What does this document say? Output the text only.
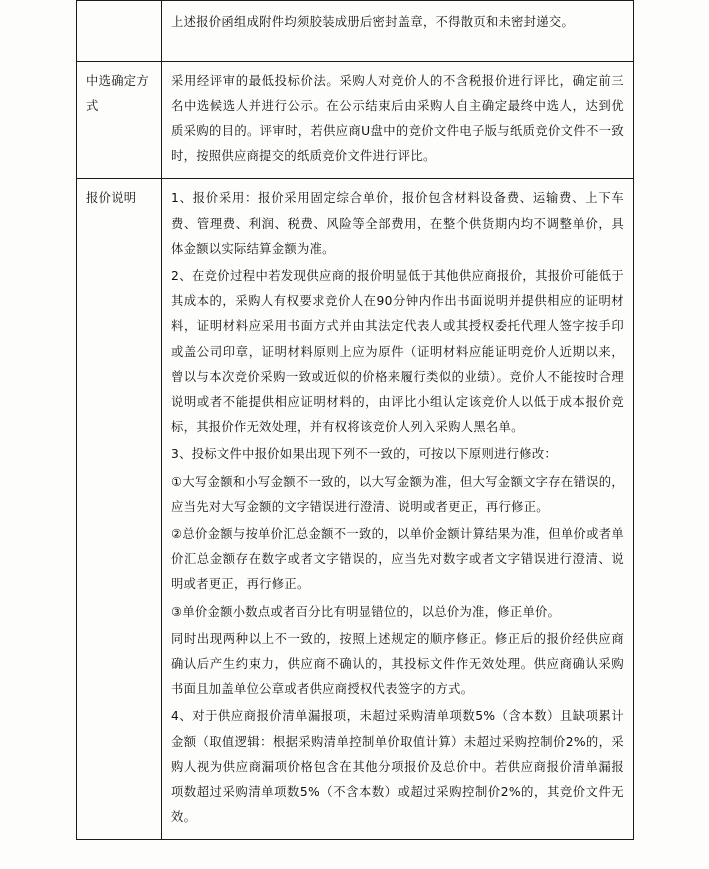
	上述报价函组成附件均须胶装成册后密封盖章，不得散页和未密封递交。

中选确定方式	采用经评审的最低投标价法。采购人对竞价人的不含税报价进行评比，确定前三名中选候选人并进行公示。在公示结束后由采购人自主确定最终中选人，达到优质采购的目的。评审时，若供应商U盘中的竞价文件电子版与纸质竞价文件不一致时，按照供应商提交的纸质竞价文件进行评比。

报价说明	1、报价采用：报价采用固定综合单价，报价包含材料设备费、运输费、上下车费、管理费、利润、税费、风险等全部费用，在整个供货期内均不调整单价，具体金额以实际结算金额为准。

2、在竞价过程中若发现供应商的报价明显低于其他供应商报价，其报价可能低于其成本的，采购人有权要求竞价人在90分钟内作出书面说明并提供相应的证明材料，证明材料应采用书面方式并由其法定代表人或其授权委托代理人签字按手印或盖公司印章，证明材料原则上应为原件（证明材料应能证明竞价人近期以来，曾以与本次竞价采购一致或近似的价格来履行类似的业绩）。竞价人不能按时合理说明或者不能提供相应证明材料的，由评比小组认定该竞价人以低于成本报价竞标，其报价作无效处理，并有权将该竞价人列入采购人黑名单。

3、投标文件中报价如果出现下列不一致的，可按以下原则进行修改：

①大写金额和小写金额不一致的，以大写金额为准，但大写金额文字存在错误的，应当先对大写金额的文字错误进行澄清、说明或者更正，再行修正。

②总价金额与按单价汇总金额不一致的，以单价金额计算结果为准，但单价或者单价汇总金额存在数字或者文字错误的，应当先对数字或者文字错误进行澄清、说明或者更正，再行修正。

③单价金额小数点或者百分比有明显错位的，以总价为准，修正单价。

同时出现两种以上不一致的，按照上述规定的顺序修正。修正后的报价经供应商确认后产生约束力，供应商不确认的，其投标文件作无效处理。供应商确认采购书面且加盖单位公章或者供应商授权代表签字的方式。

4、对于供应商报价清单漏报项，未超过采购清单项数5%（含本数）且缺项累计金额（取值逻辑：根据采购清单控制单价取值计算）未超过采购控制价2%的，采购人视为供应商漏项价格包含在其他分项报价及总价中。若供应商报价清单漏报项数超过采购清单项数5%（不含本数）或超过采购控制价2%的，其竞价文件无效。
